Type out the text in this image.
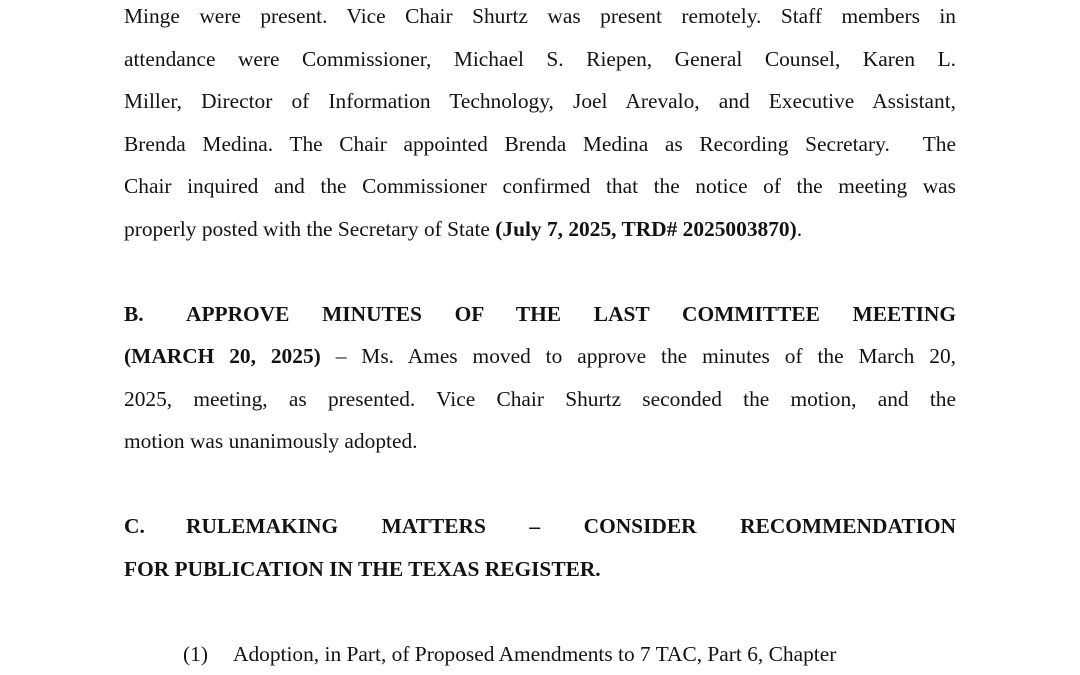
Minge were present. Vice Chair Shurtz was present remotely. Staff members in
attendance were Commissioner, Michael S. Riepen, General Counsel, Karen L.
Miller, Director of Information Technology, Joel Arevalo, and Executive Assistant,
Brenda Medina. The Chair appointed Brenda Medina as Recording Secretary.  The
Chair inquired and the Commissioner confirmed that the notice of the meeting was
properly posted with the Secretary of State (July 7, 2025, TRD# 2025003870).
B. APPROVE MINUTES OF THE LAST COMMITTEE MEETING
(MARCH 20, 2025) – Ms. Ames moved to approve the minutes of the March 20,
2025, meeting, as presented. Vice Chair Shurtz seconded the motion, and the
motion was unanimously adopted.
C. RULEMAKING MATTERS – CONSIDER RECOMMENDATION
FOR PUBLICATION IN THE TEXAS REGISTER.
(1) Adoption, in Part, of Proposed Amendments to 7 TAC, Part 6, Chapter
